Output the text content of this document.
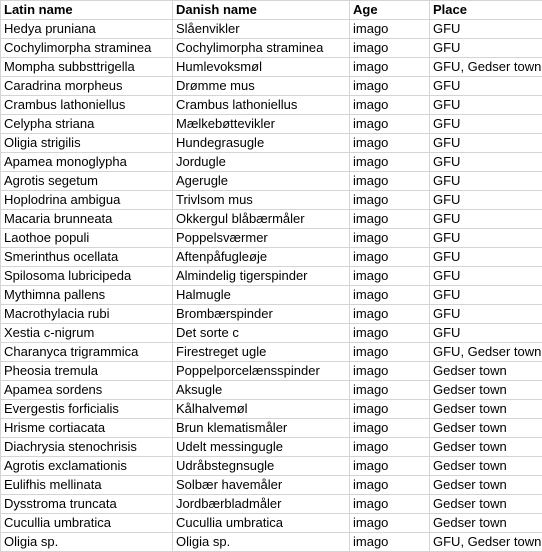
Latin name	Danish name	Age	Place
Hedya pruniana	Slåenvikler	imago	GFU
Cochylimorpha straminea	Cochylimorpha straminea	imago	GFU
Mompha subbsttrigella	Humlevoksmøl	imago	GFU, Gedser town
Caradrina morpheus	Drømme mus	imago	GFU
Crambus lathoniellus	Crambus lathoniellus	imago	GFU
Celypha striana	Mælkebøttevikler	imago	GFU
Oligia strigilis	Hundegrasugle	imago	GFU
Apamea monoglypha	Jordugle	imago	GFU
Agrotis segetum	Agerugle	imago	GFU
Hoplodrina ambigua	Trivlsom mus	imago	GFU
Macaria brunneata	Okkergul blåbærmåler	imago	GFU
Laothoe populi	Poppelsværmer	imago	GFU
Smerinthus ocellata	Aftenpåfugleøje	imago	GFU
Spilosoma lubricipeda	Almindelig tigerspinder	imago	GFU
Mythimna pallens	Halmugle	imago	GFU
Macrothylacia rubi	Brombærspinder	imago	GFU
Xestia c-nigrum	Det sorte c	imago	GFU
Charanyca trigrammica	Firestreget ugle	imago	GFU, Gedser town
Pheosia tremula	Poppelporcelænsspinder	imago	Gedser town
Apamea sordens	Aksugle	imago	Gedser town
Evergestis forficialis	Kålhalvemøl	imago	Gedser town
Hrisme cortiacata	Brun klematismåler	imago	Gedser town
Diachrysia stenochrisis	Udelt messingugle	imago	Gedser town
Agrotis exclamationis	Udråbstegnsugle	imago	Gedser town
Eulifhis mellinata	Solbær havemåler	imago	Gedser town
Dysstroma truncata	Jordbærbladmåler	imago	Gedser town
Cucullia umbratica	Cucullia umbratica	imago	Gedser town
Oligia sp.	Oligia sp.	imago	GFU, Gedser town
